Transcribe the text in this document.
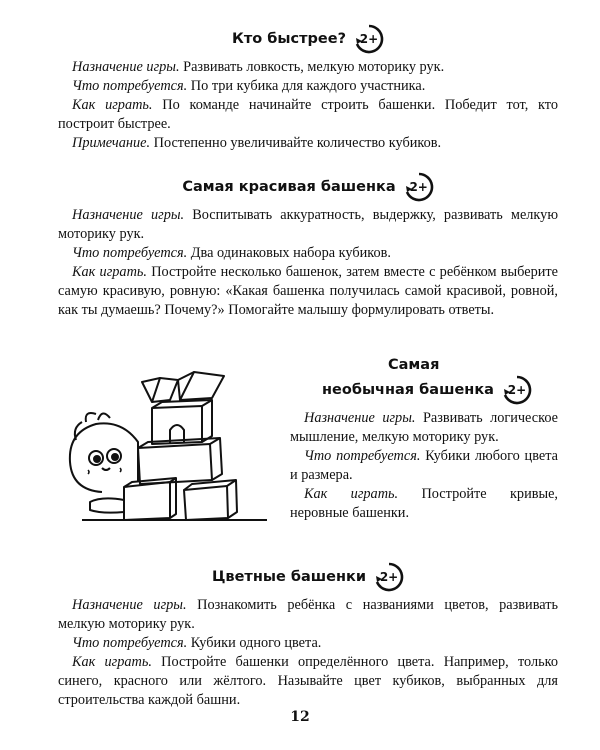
Кто быстрее?	2+

Назначение игры. Развивать ловкость, мелкую моторику рук.

Что потребуется. По три кубика для каждого участника.

Как играть. По команде начинайте строить башенки. Победит тот, кто построит быстрее.

Примечание. Постепенно увеличивайте количество кубиков.

Самая красивая башенка	2+

Назначение игры. Воспитывать аккуратность, выдержку, развивать мелкую моторику рук.

Что потребуется. Два одинаковых набора кубиков.

Как играть. Постройте несколько башенок, затем вместе с ребёнком выберите самую красивую, ровную: «Какая башенка получилась самой красивой, ровной, как ты думаешь? Почему?» Помогайте малышу формулировать ответы.

Самая
необычная башенка	2+

Назначение игры. Развивать логическое мышление, мелкую моторику рук.

Что потребуется. Кубики любого цвета и размера.

Как играть. Постройте кривые, неровные башенки.

Цветные башенки	2+

Назначение игры. Познакомить ребёнка с названиями цветов, развивать мелкую моторику рук.

Что потребуется. Кубики одного цвета.

Как играть. Постройте башенки определённого цвета. Например, только синего, красного или жёлтого. Называйте цвет кубиков, выбранных для строительства каждой башни.

12
